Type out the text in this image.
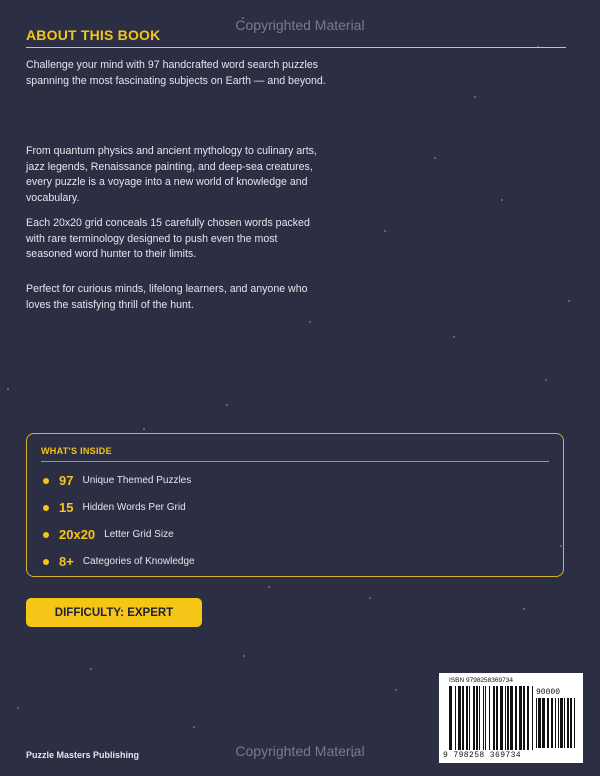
Copyrighted Material
ABOUT THIS BOOK

Challenge your mind with 97 handcrafted word search puzzles spanning the most fascinating subjects on Earth — and beyond.

From quantum physics and ancient mythology to culinary arts, jazz legends, Renaissance painting, and deep-sea creatures, every puzzle is a voyage into a new world of knowledge and vocabulary.

Each 20x20 grid conceals 15 carefully chosen words packed with rare terminology designed to push even the most seasoned word hunter to their limits.

Perfect for curious minds, lifelong learners, and anyone who loves the satisfying thrill of the hunt.

WHAT'S INSIDE
97 Unique Themed Puzzles
15 Hidden Words Per Grid
20x20 Letter Grid Size
8+ Categories of Knowledge
DIFFICULTY: EXPERT
ISBN 9798258369734
90000
9 798258 369734
Puzzle Masters Publishing	Copyrighted Material
